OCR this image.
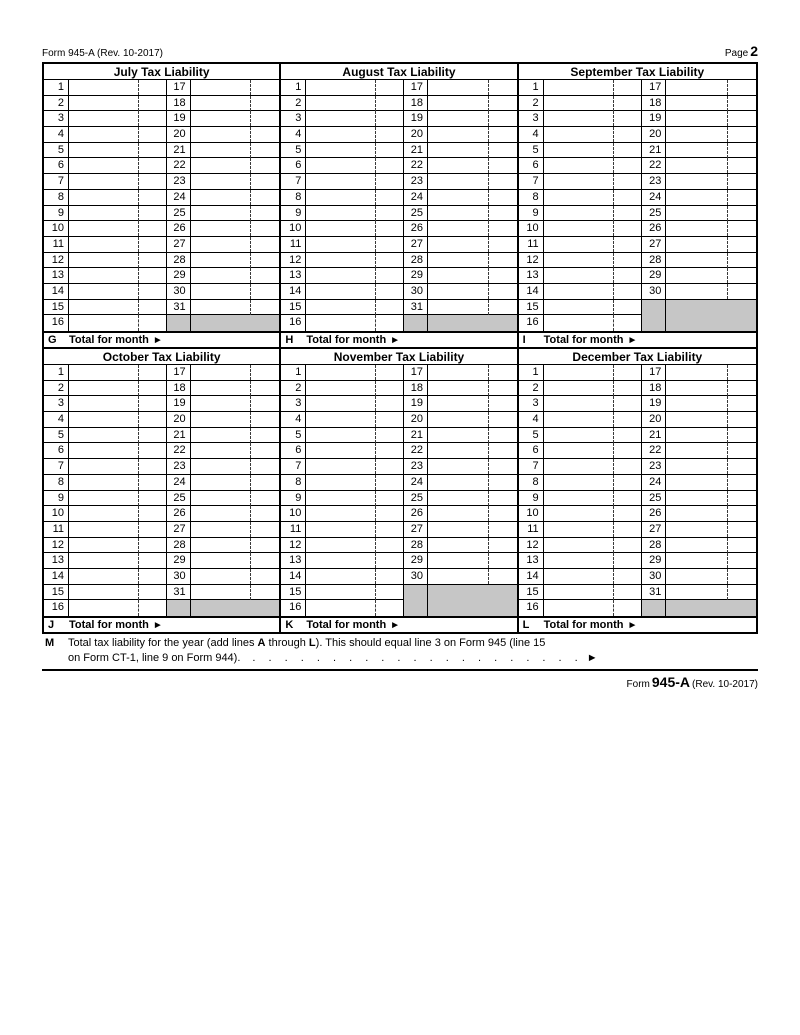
Form 945-A (Rev. 10-2017)	Page 2
July Tax Liability
1	17
2	18
3	19
4	20
5	21
6	22
7	23
8	24
9	25
10	26
11	27
12	28
13	29
14	30
15	31
16
G	Total for month ►
August Tax Liability
1	17
2	18
3	19
4	20
5	21
6	22
7	23
8	24
9	25
10	26
11	27
12	28
13	29
14	30
15	31
16
H	Total for month ►
September Tax Liability
1	17
2	18
3	19
4	20
5	21
6	22
7	23
8	24
9	25
10	26
11	27
12	28
13	29
14	30
15
16
I	Total for month ►
October Tax Liability
1	17
2	18
3	19
4	20
5	21
6	22
7	23
8	24
9	25
10	26
11	27
12	28
13	29
14	30
15	31
16
J	Total for month ►
November Tax Liability
1	17
2	18
3	19
4	20
5	21
6	22
7	23
8	24
9	25
10	26
11	27
12	28
13	29
14	30
15
16
K	Total for month ►
December Tax Liability
1	17
2	18
3	19
4	20
5	21
6	22
7	23
8	24
9	25
10	26
11	27
12	28
13	29
14	30
15	31
16
L	Total for month ►
M	Total tax liability for the year (add lines A through L). This should equal line 3 on Form 945 (line 15
on Form CT-1, line 9 on Form 944). . . . . . . . . . . . . . . . . . . . . . ►
Form 945-A (Rev. 10-2017)
